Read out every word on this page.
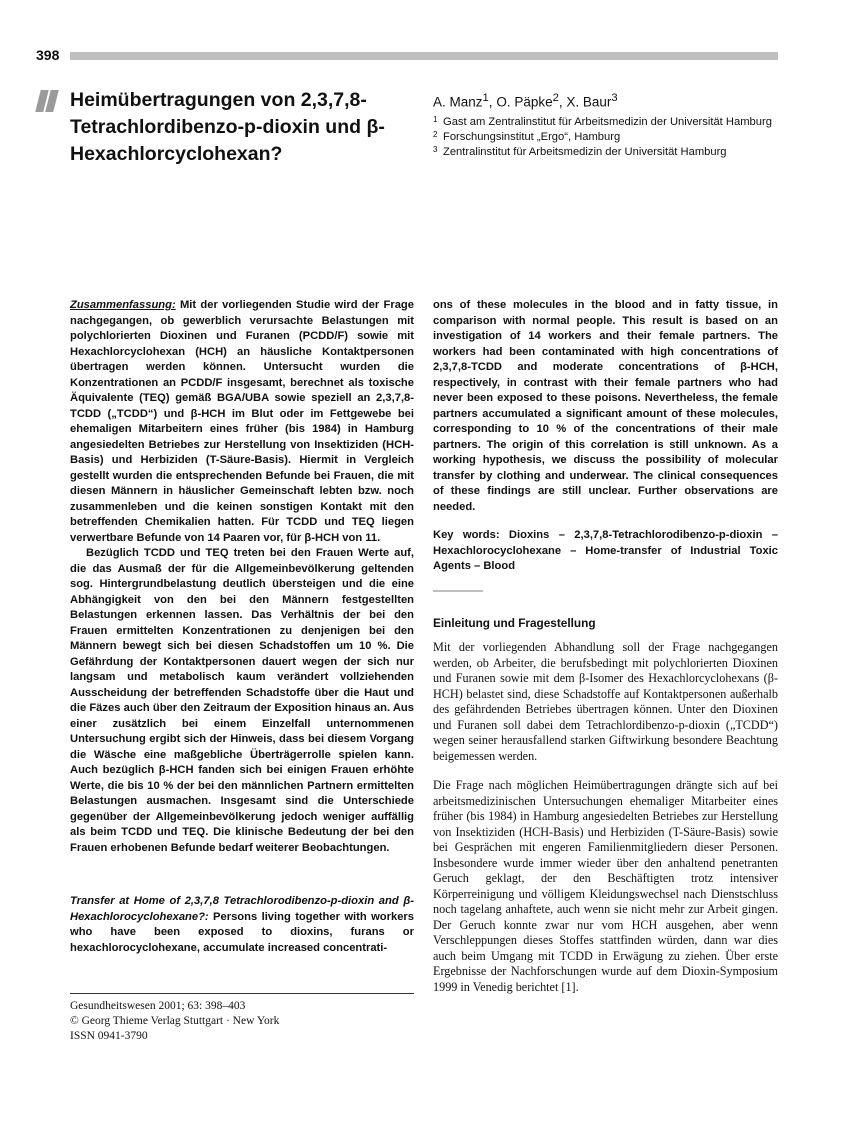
398
Heimübertragungen von 2,3,7,8-Tetrachlordibenzo-p-dioxin und β-Hexachlorcyclohexan?
A. Manz$^1$, O. Päpke$^2$, X. Baur$^3$
1 Gast am Zentralinstitut für Arbeitsmedizin der Universität Hamburg
2 Forschungsinstitut „Ergo“, Hamburg
3 Zentralinstitut für Arbeitsmedizin der Universität Hamburg

Zusammenfassung: Mit der vorliegenden Studie wird der Frage nachgegangen, ob gewerblich verursachte Belastungen mit polychlorierten Dioxinen und Furanen (PCDD/F) sowie mit Hexachlorcyclohexan (HCH) an häusliche Kontaktpersonen übertragen werden können. Untersucht wurden die Konzentrationen an PCDD/F insgesamt, berechnet als toxische Äquivalente (TEQ) gemäß BGA/UBA sowie speziell an 2,3,7,8-TCDD („TCDD“) und β-HCH im Blut oder im Fettgewebe bei ehemaligen Mitarbeitern eines früher (bis 1984) in Hamburg angesiedelten Betriebes zur Herstellung von Insektiziden (HCH-Basis) und Herbiziden (T-Säure-Basis). Hiermit in Vergleich gestellt wurden die entsprechenden Befunde bei Frauen, die mit diesen Männern in häuslicher Gemeinschaft lebten bzw. noch zusammenleben und die keinen sonstigen Kontakt mit den betreffenden Chemikalien hatten. Für TCDD und TEQ liegen verwertbare Befunde von 14 Paaren vor, für β-HCH von 11.

Bezüglich TCDD und TEQ treten bei den Frauen Werte auf, die das Ausmaß der für die Allgemeinbevölkerung geltenden sog. Hintergrundbelastung deutlich übersteigen und die eine Abhängigkeit von den bei den Männern festgestellten Belastungen erkennen lassen. Das Verhältnis der bei den Frauen ermittelten Konzentrationen zu denjenigen bei den Männern bewegt sich bei diesen Schadstoffen um 10 %. Die Gefährdung der Kontaktpersonen dauert wegen der sich nur langsam und metabolisch kaum verändert vollziehenden Ausscheidung der betreffenden Schadstoffe über die Haut und die Fäzes auch über den Zeitraum der Exposition hinaus an. Aus einer zusätzlich bei einem Einzelfall unternommenen Untersuchung ergibt sich der Hinweis, dass bei diesem Vorgang die Wäsche eine maßgebliche Überträgerrolle spielen kann. Auch bezüglich β-HCH fanden sich bei einigen Frauen erhöhte Werte, die bis 10 % der bei den männlichen Partnern ermittelten Belastungen ausmachen. Insgesamt sind die Unterschiede gegenüber der Allgemeinbevölkerung jedoch weniger auffällig als beim TCDD und TEQ. Die klinische Bedeutung der bei den Frauen erhobenen Befunde bedarf weiterer Beobachtungen.

Transfer at Home of 2,3,7,8 Tetrachlorodibenzo-p-dioxin and β-Hexachlorocyclohexane?: Persons living together with workers who have been exposed to dioxins, furans or hexachlorocyclohexane, accumulate increased concentrati-

ons of these molecules in the blood and in fatty tissue, in comparison with normal people. This result is based on an investigation of 14 workers and their female partners. The workers had been contaminated with high concentrations of 2,3,7,8-TCDD and moderate concentrations of β-HCH, respectively, in contrast with their female partners who had never been exposed to these poisons. Nevertheless, the female partners accumulated a significant amount of these molecules, corresponding to 10 % of the concentrations of their male partners. The origin of this correlation is still unknown. As a working hypothesis, we discuss the possibility of molecular transfer by clothing and underwear. The clinical consequences of these findings are still unclear. Further observations are needed.

Key words: Dioxins – 2,3,7,8-Tetrachlorodibenzo-p-dioxin – Hexachlorocyclohexane – Home-transfer of Industrial Toxic Agents – Blood

Einleitung und Fragestellung

Mit der vorliegenden Abhandlung soll der Frage nachgegangen werden, ob Arbeiter, die berufsbedingt mit polychlorierten Dioxinen und Furanen sowie mit dem β-Isomer des Hexachlorcyclohexans (β-HCH) belastet sind, diese Schadstoffe auf Kontaktpersonen außerhalb des gefährdenden Betriebes übertragen können. Unter den Dioxinen und Furanen soll dabei dem Tetrachlordibenzo-p-dioxin („TCDD“) wegen seiner herausfallend starken Giftwirkung besondere Beachtung beigemessen werden.

Die Frage nach möglichen Heimübertragungen drängte sich auf bei arbeitsmedizinischen Untersuchungen ehemaliger Mitarbeiter eines früher (bis 1984) in Hamburg angesiedelten Betriebes zur Herstellung von Insektiziden (HCH-Basis) und Herbiziden (T-Säure-Basis) sowie bei Gesprächen mit engeren Familienmitgliedern dieser Personen. Insbesondere wurde immer wieder über den anhaltend penetranten Geruch geklagt, der den Beschäftigten trotz intensiver Körperreinigung und völligem Kleidungswechsel nach Dienstschluss noch tagelang anhaftete, auch wenn sie nicht mehr zur Arbeit gingen. Der Geruch konnte zwar nur vom HCH ausgehen, aber wenn Verschleppungen dieses Stoffes stattfinden würden, dann war dies auch beim Umgang mit TCDD in Erwägung zu ziehen. Über erste Ergebnisse der Nachforschungen wurde auf dem Dioxin-Symposium 1999 in Venedig berichtet [1].

Gesundheitswesen 2001; 63: 398–403
© Georg Thieme Verlag Stuttgart · New York
ISSN 0941-3790
